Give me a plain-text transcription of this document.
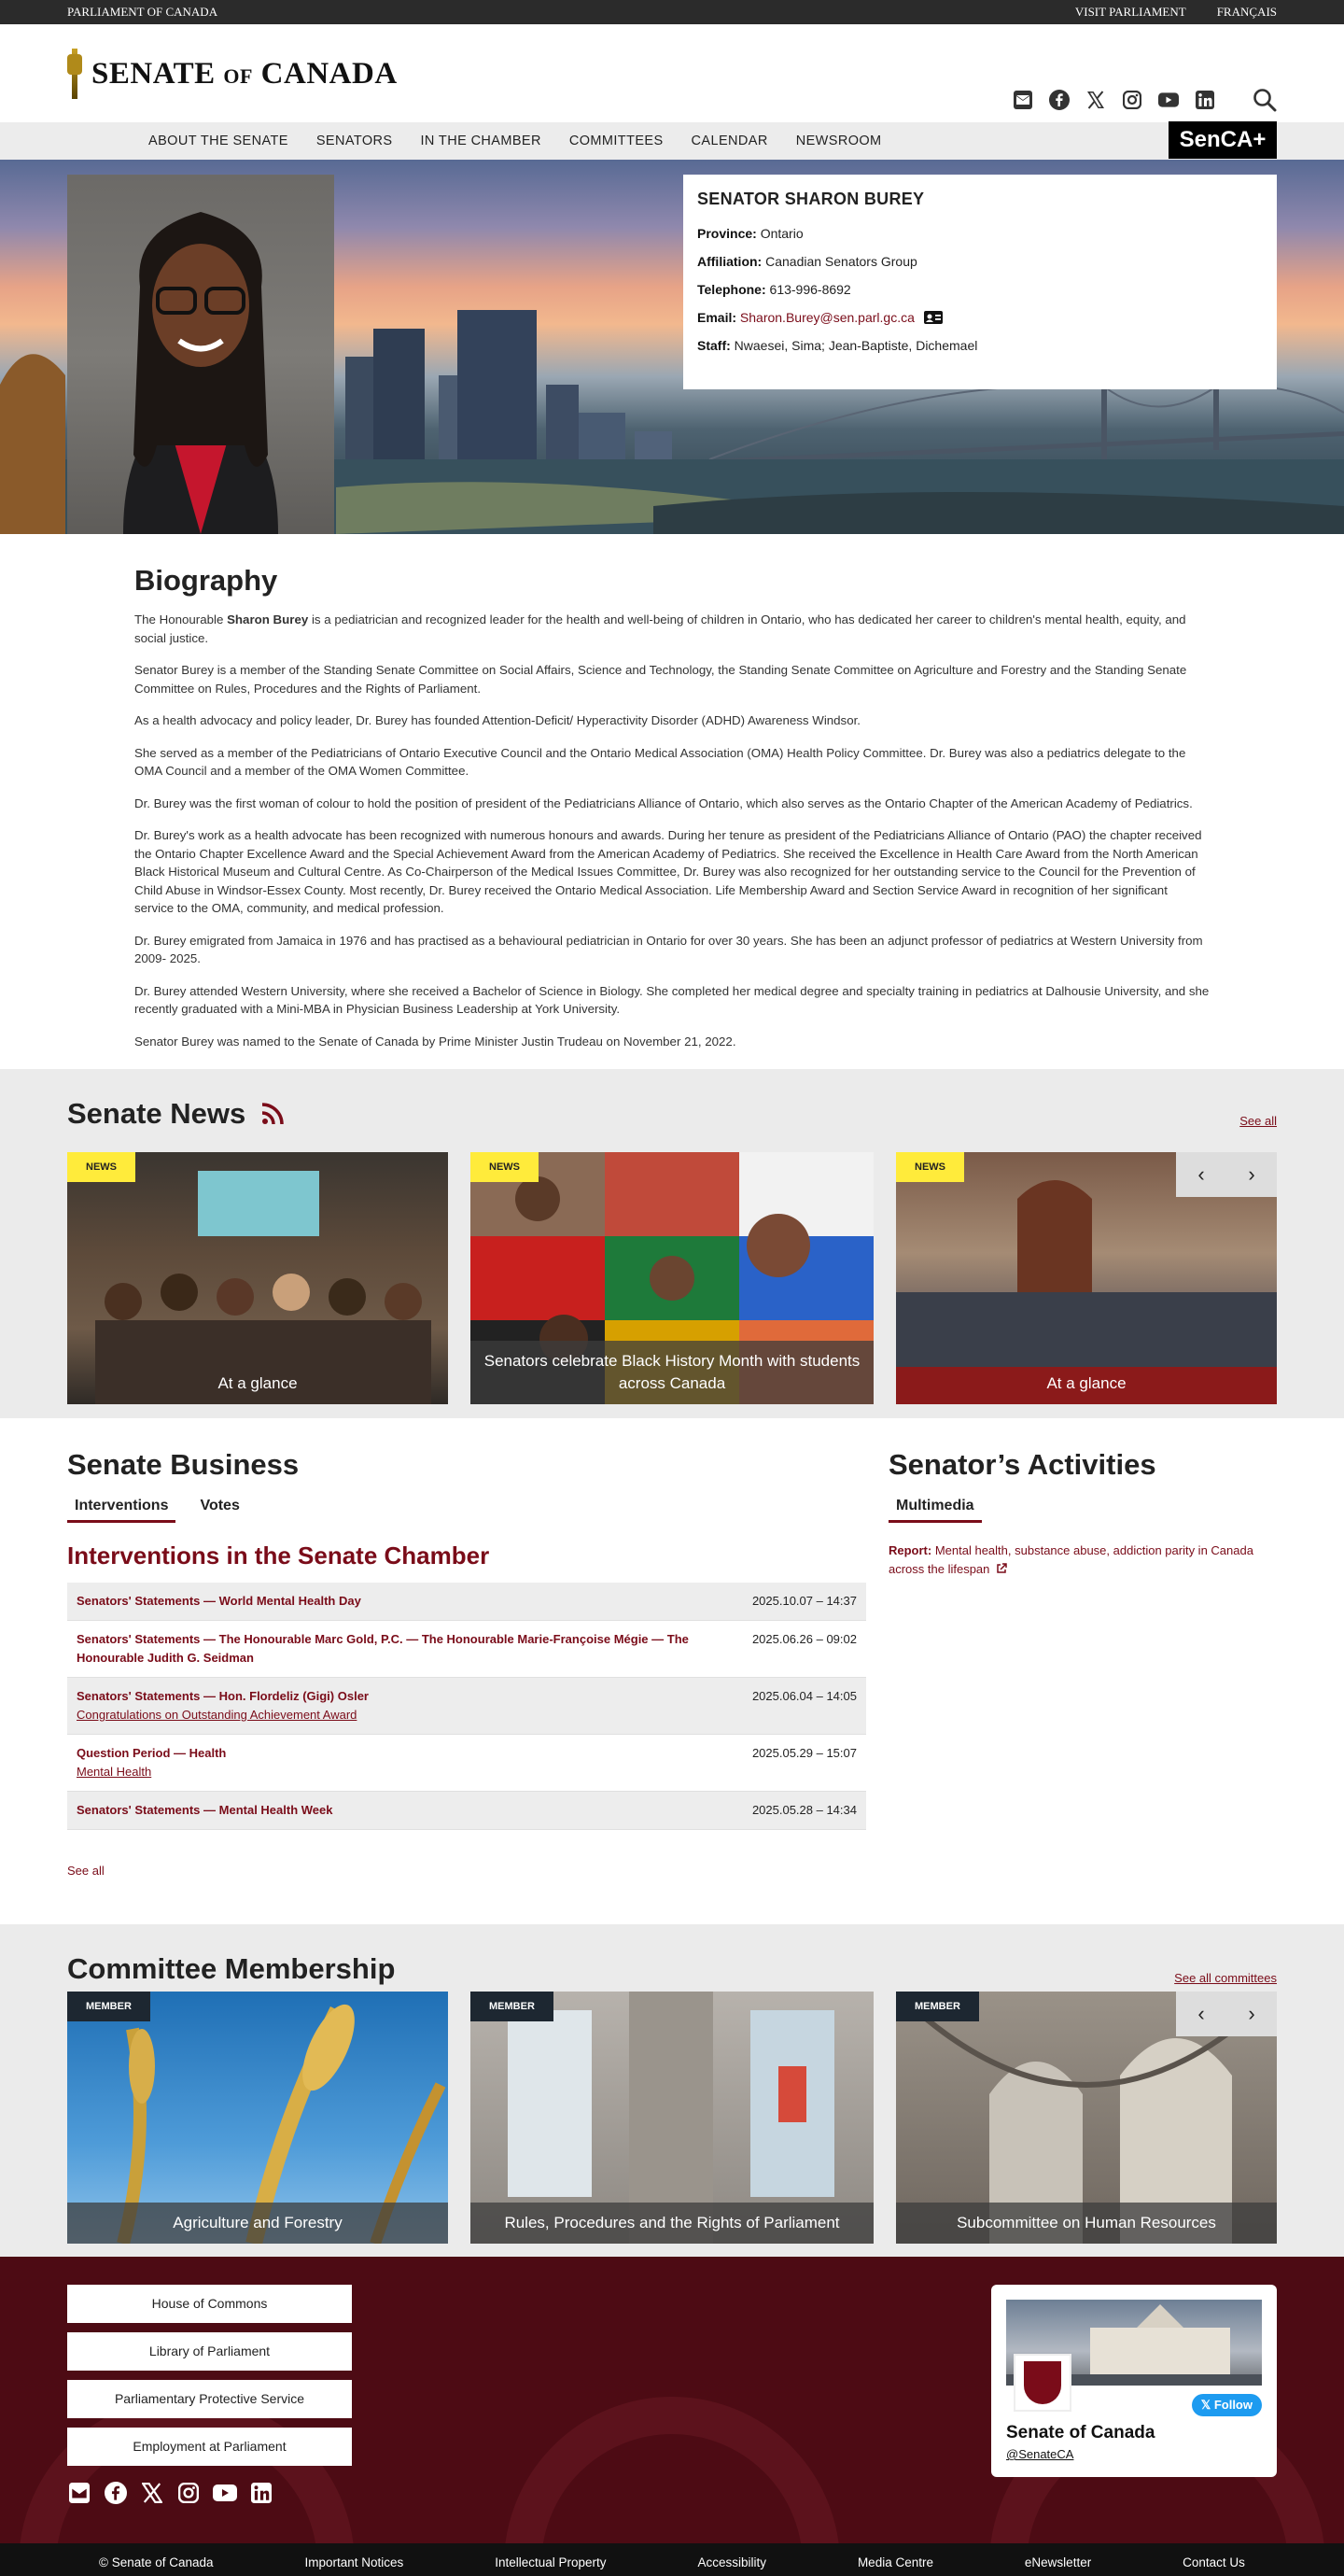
PARLIAMENT OF CANADA	VISIT PARLIAMENT	FRANÇAIS
SENATE OF CANADA
ABOUT THE SENATE	SENATORS	IN THE CHAMBER	COMMITTEES	CALENDAR	NEWSROOM	SenCA+
SENATOR SHARON BUREY
Province: Ontario
Affiliation: Canadian Senators Group
Telephone: 613-996-8692
Email: Sharon.Burey@sen.parl.gc.ca
Staff: Nwaesei, Sima; Jean-Baptiste, Dichemael
Biography

The Honourable Sharon Burey is a pediatrician and recognized leader for the health and well-being of children in Ontario, who has dedicated her career to children's mental health, equity, and social justice.

Senator Burey is a member of the Standing Senate Committee on Social Affairs, Science and Technology, the Standing Senate Committee on Agriculture and Forestry and the Standing Senate Committee on Rules, Procedures and the Rights of Parliament.

As a health advocacy and policy leader, Dr. Burey has founded Attention-Deficit/ Hyperactivity Disorder (ADHD) Awareness Windsor.

She served as a member of the Pediatricians of Ontario Executive Council and the Ontario Medical Association (OMA) Health Policy Committee. Dr. Burey was also a pediatrics delegate to the OMA Council and a member of the OMA Women Committee.

Dr. Burey was the first woman of colour to hold the position of president of the Pediatricians Alliance of Ontario, which also serves as the Ontario Chapter of the American Academy of Pediatrics.

Dr. Burey's work as a health advocate has been recognized with numerous honours and awards. During her tenure as president of the Pediatricians Alliance of Ontario (PAO) the chapter received the Ontario Chapter Excellence Award and the Special Achievement Award from the American Academy of Pediatrics. She received the Excellence in Health Care Award from the North American Black Historical Museum and Cultural Centre. As Co-Chairperson of the Medical Issues Committee, Dr. Burey was also recognized for her outstanding service to the Council for the Prevention of Child Abuse in Windsor-Essex County. Most recently, Dr. Burey received the Ontario Medical Association. Life Membership Award and Section Service Award in recognition of her significant service to the OMA, community, and medical profession.

Dr. Burey emigrated from Jamaica in 1976 and has practised as a behavioural pediatrician in Ontario for over 30 years. She has been an adjunct professor of pediatrics at Western University from 2009- 2025.

Dr. Burey attended Western University, where she received a Bachelor of Science in Biology. She completed her medical degree and specialty training in pediatrics at Dalhousie University, and she recently graduated with a Mini-MBA in Physician Business Leadership at York University.

Senator Burey was named to the Senate of Canada by Prime Minister Justin Trudeau on November 21, 2022.

Senate News	See all
NEWS
At a glance
NEWS
Senators celebrate Black History Month with students across Canada
NEWS
At a glance
‹	›
Senate Business
Interventions	Votes
Interventions in the Senate Chamber
Senators' Statements — World Mental Health Day	2025.10.07 – 14:37
Senators' Statements — The Honourable Marc Gold, P.C. — The Honourable Marie-Françoise Mégie — The Honourable Judith G. Seidman
2025.06.26 – 09:02
Senators' Statements — Hon. Flordeliz (Gigi) Osler
Congratulations on Outstanding Achievement Award
2025.06.04 – 14:05
Question Period — Health
Mental Health
2025.05.29 – 15:07
Senators' Statements — Mental Health Week	2025.05.28 – 14:34
See all
Senator’s Activities
Multimedia
Report: Mental health, substance abuse, addiction parity in Canada across the lifespan
Committee Membership	See all committees
MEMBER
Agriculture and Forestry
MEMBER
Rules, Procedures and the Rights of Parliament
MEMBER
Subcommittee on Human Resources
‹	›
House of Commons
Library of Parliament
Parliamentary Protective Service
Employment at Parliament
𝕏 Follow
Senate of Canada
@SenateCA
© Senate of Canada	Important Notices	Intellectual Property	Accessibility	Media Centre	eNewsletter	Contact Us
